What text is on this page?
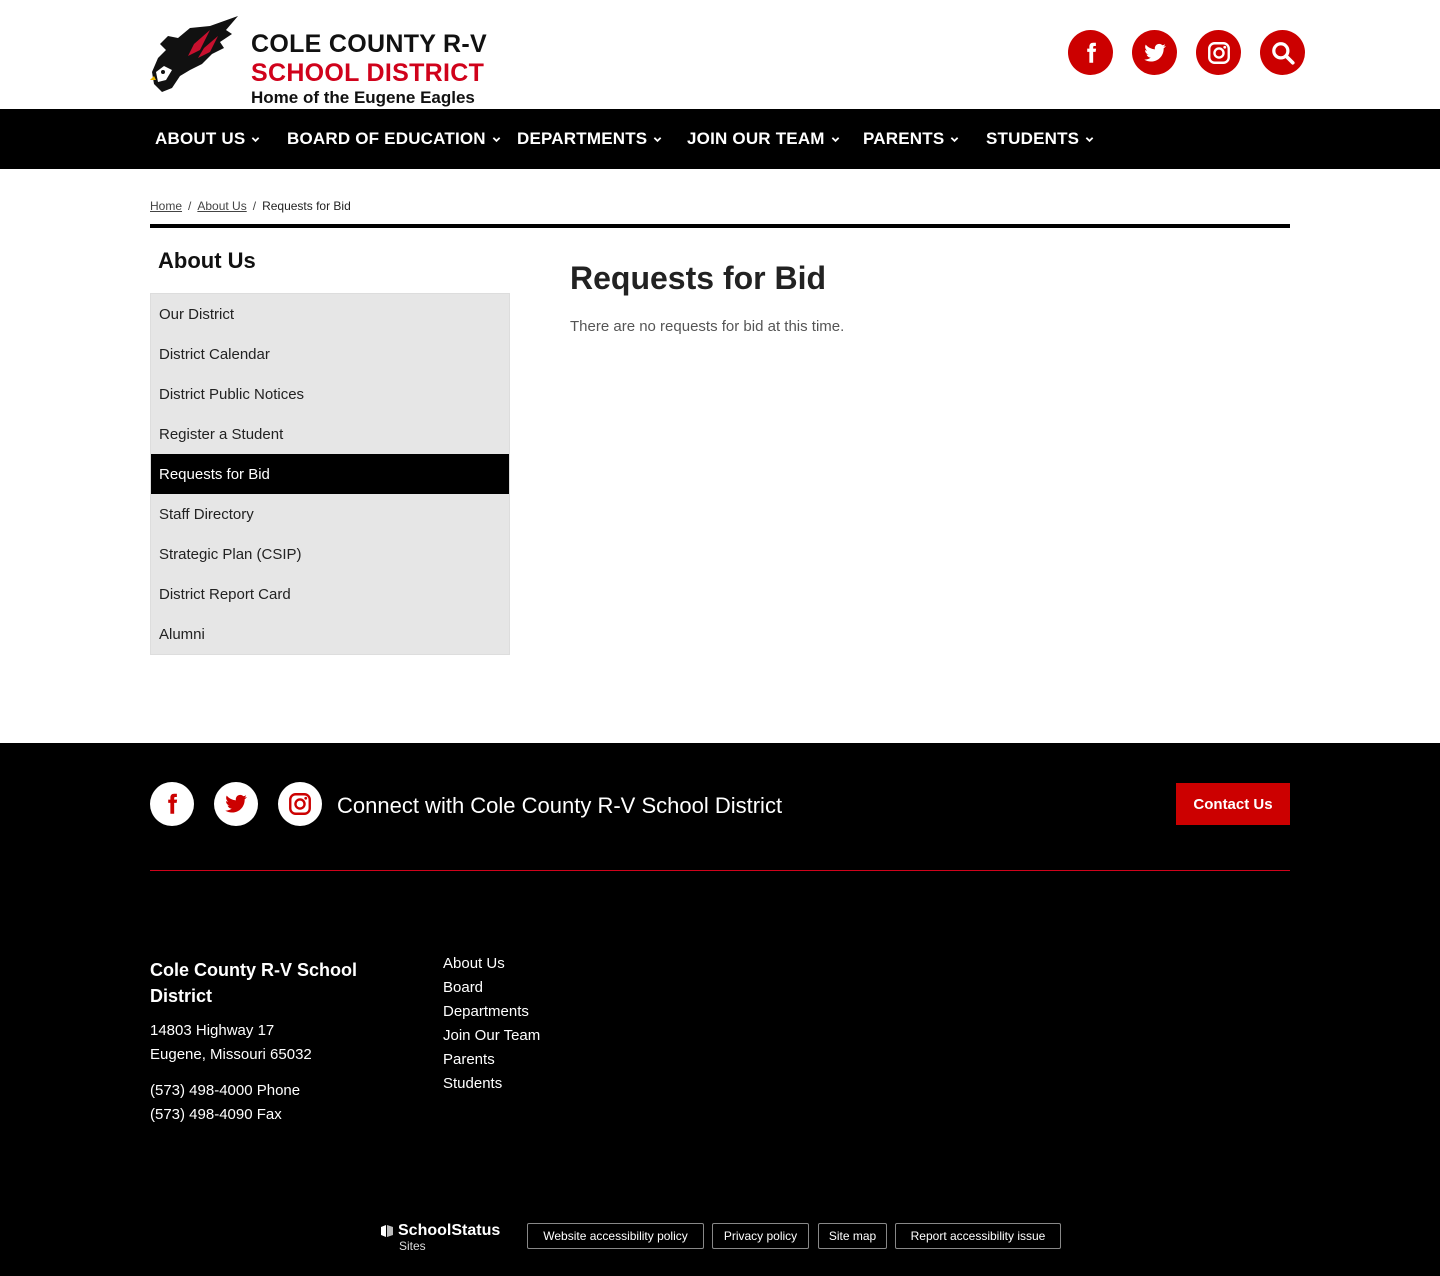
COLE COUNTY R-V
SCHOOL DISTRICT
Home of the Eugene Eagles
ABOUT US BOARD OF EDUCATION DEPARTMENTS JOIN OUR TEAM PARENTS STUDENTS
Home / About Us / Requests for Bid
About Us
Our District
District Calendar
District Public Notices
Register a Student
Requests for Bid
Staff Directory
Strategic Plan (CSIP)
District Report Card
Alumni
Requests for Bid

There are no requests for bid at this time.

Connect with Cole County R-V School District	Contact Us
Cole County R-V School District
14803 Highway 17
Eugene, Missouri 65032
(573) 498-4000 Phone
(573) 498-4090 Fax
About Us
Board
Departments
Join Our Team
Parents
Students
SchoolStatus
Sites
Website accessibility policy	Privacy policy	Site map	Report accessibility issue
